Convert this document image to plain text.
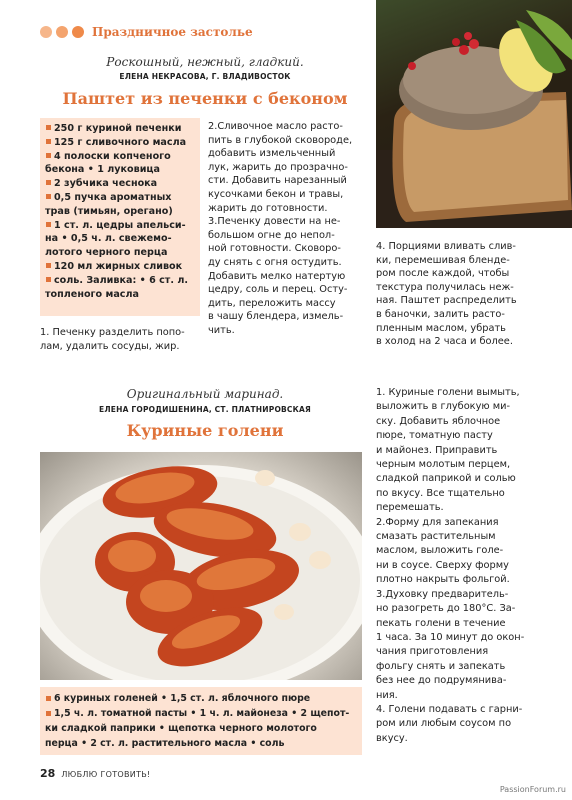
Праздничное застолье
Роскошный, нежный, гладкий.
ЕЛЕНА НЕКРАСОВА, Г. ВЛАДИВОСТОК
Паштет из печенки с беконом
250 г куриной печенки
125 г сливочного масла
4 полоски копченого
бекона • 1 луковица
2 зубчика чеснока
0,5 пучка ароматных
трав (тимьян, орегано)
1 ст. л. цедры апельси-
на • 0,5 ч. л. свежемо-
лотого черного перца
120 мл жирных сливок
соль. Заливка: • 6 ст. л.
топленого масла
1. Печенку разделить попо-
лам, удалить сосуды, жир.
2.Сливочное масло расто-
пить в глубокой сковороде,
добавить измельченный
лук, жарить до прозрачно-
сти. Добавить нарезанный
кусочками бекон и травы,
жарить до готовности.
3.Печенку довести на не-
большом огне до непол-
ной готовности. Сковоро-
ду снять с огня остудить.
Добавить мелко натертую
цедру, соль и перец. Осту-
дить, переложить массу
в чашу блендера, измель-
чить.
4. Порциями вливать слив-
ки, перемешивая бленде-
ром после каждой, чтобы
текстура получилась неж-
ная. Паштет распределить
в баночки, залить расто-
пленным маслом, убрать
в холод на 2 часа и более.
Оригинальный маринад.
ЕЛЕНА ГОРОДИШЕНИНА, СТ. ПЛАТНИРОВСКАЯ
Куриные голени
6 куриных голеней • 1,5 ст. л. яблочного пюре
1,5 ч. л. томатной пасты • 1 ч. л. майонеза • 2 щепот-
ки сладкой паприки • щепотка черного молотого
перца • 2 ст. л. растительного масла • соль
1. Куриные голени вымыть,
выложить в глубокую ми-
ску. Добавить яблочное
пюре, томатную пасту
и майонез. Приправить
черным молотым перцем,
сладкой паприкой и солью
по вкусу. Все тщательно
перемешать.
2.Форму для запекания
смазать растительным
маслом, выложить голе-
ни в соусе. Сверху форму
плотно накрыть фольгой.
3.Духовку предваритель-
но разогреть до 180°С. За-
пекать голени в течение
1 часа. За 10 минут до окон-
чания приготовления
фольгу снять и запекать
без нее до подрумянива-
ния.
4. Голени подавать с гарни-
ром или любым соусом по
вкусу.
28 ЛЮБЛЮ ГОТОВИТЬ!
PassionForum.ru
